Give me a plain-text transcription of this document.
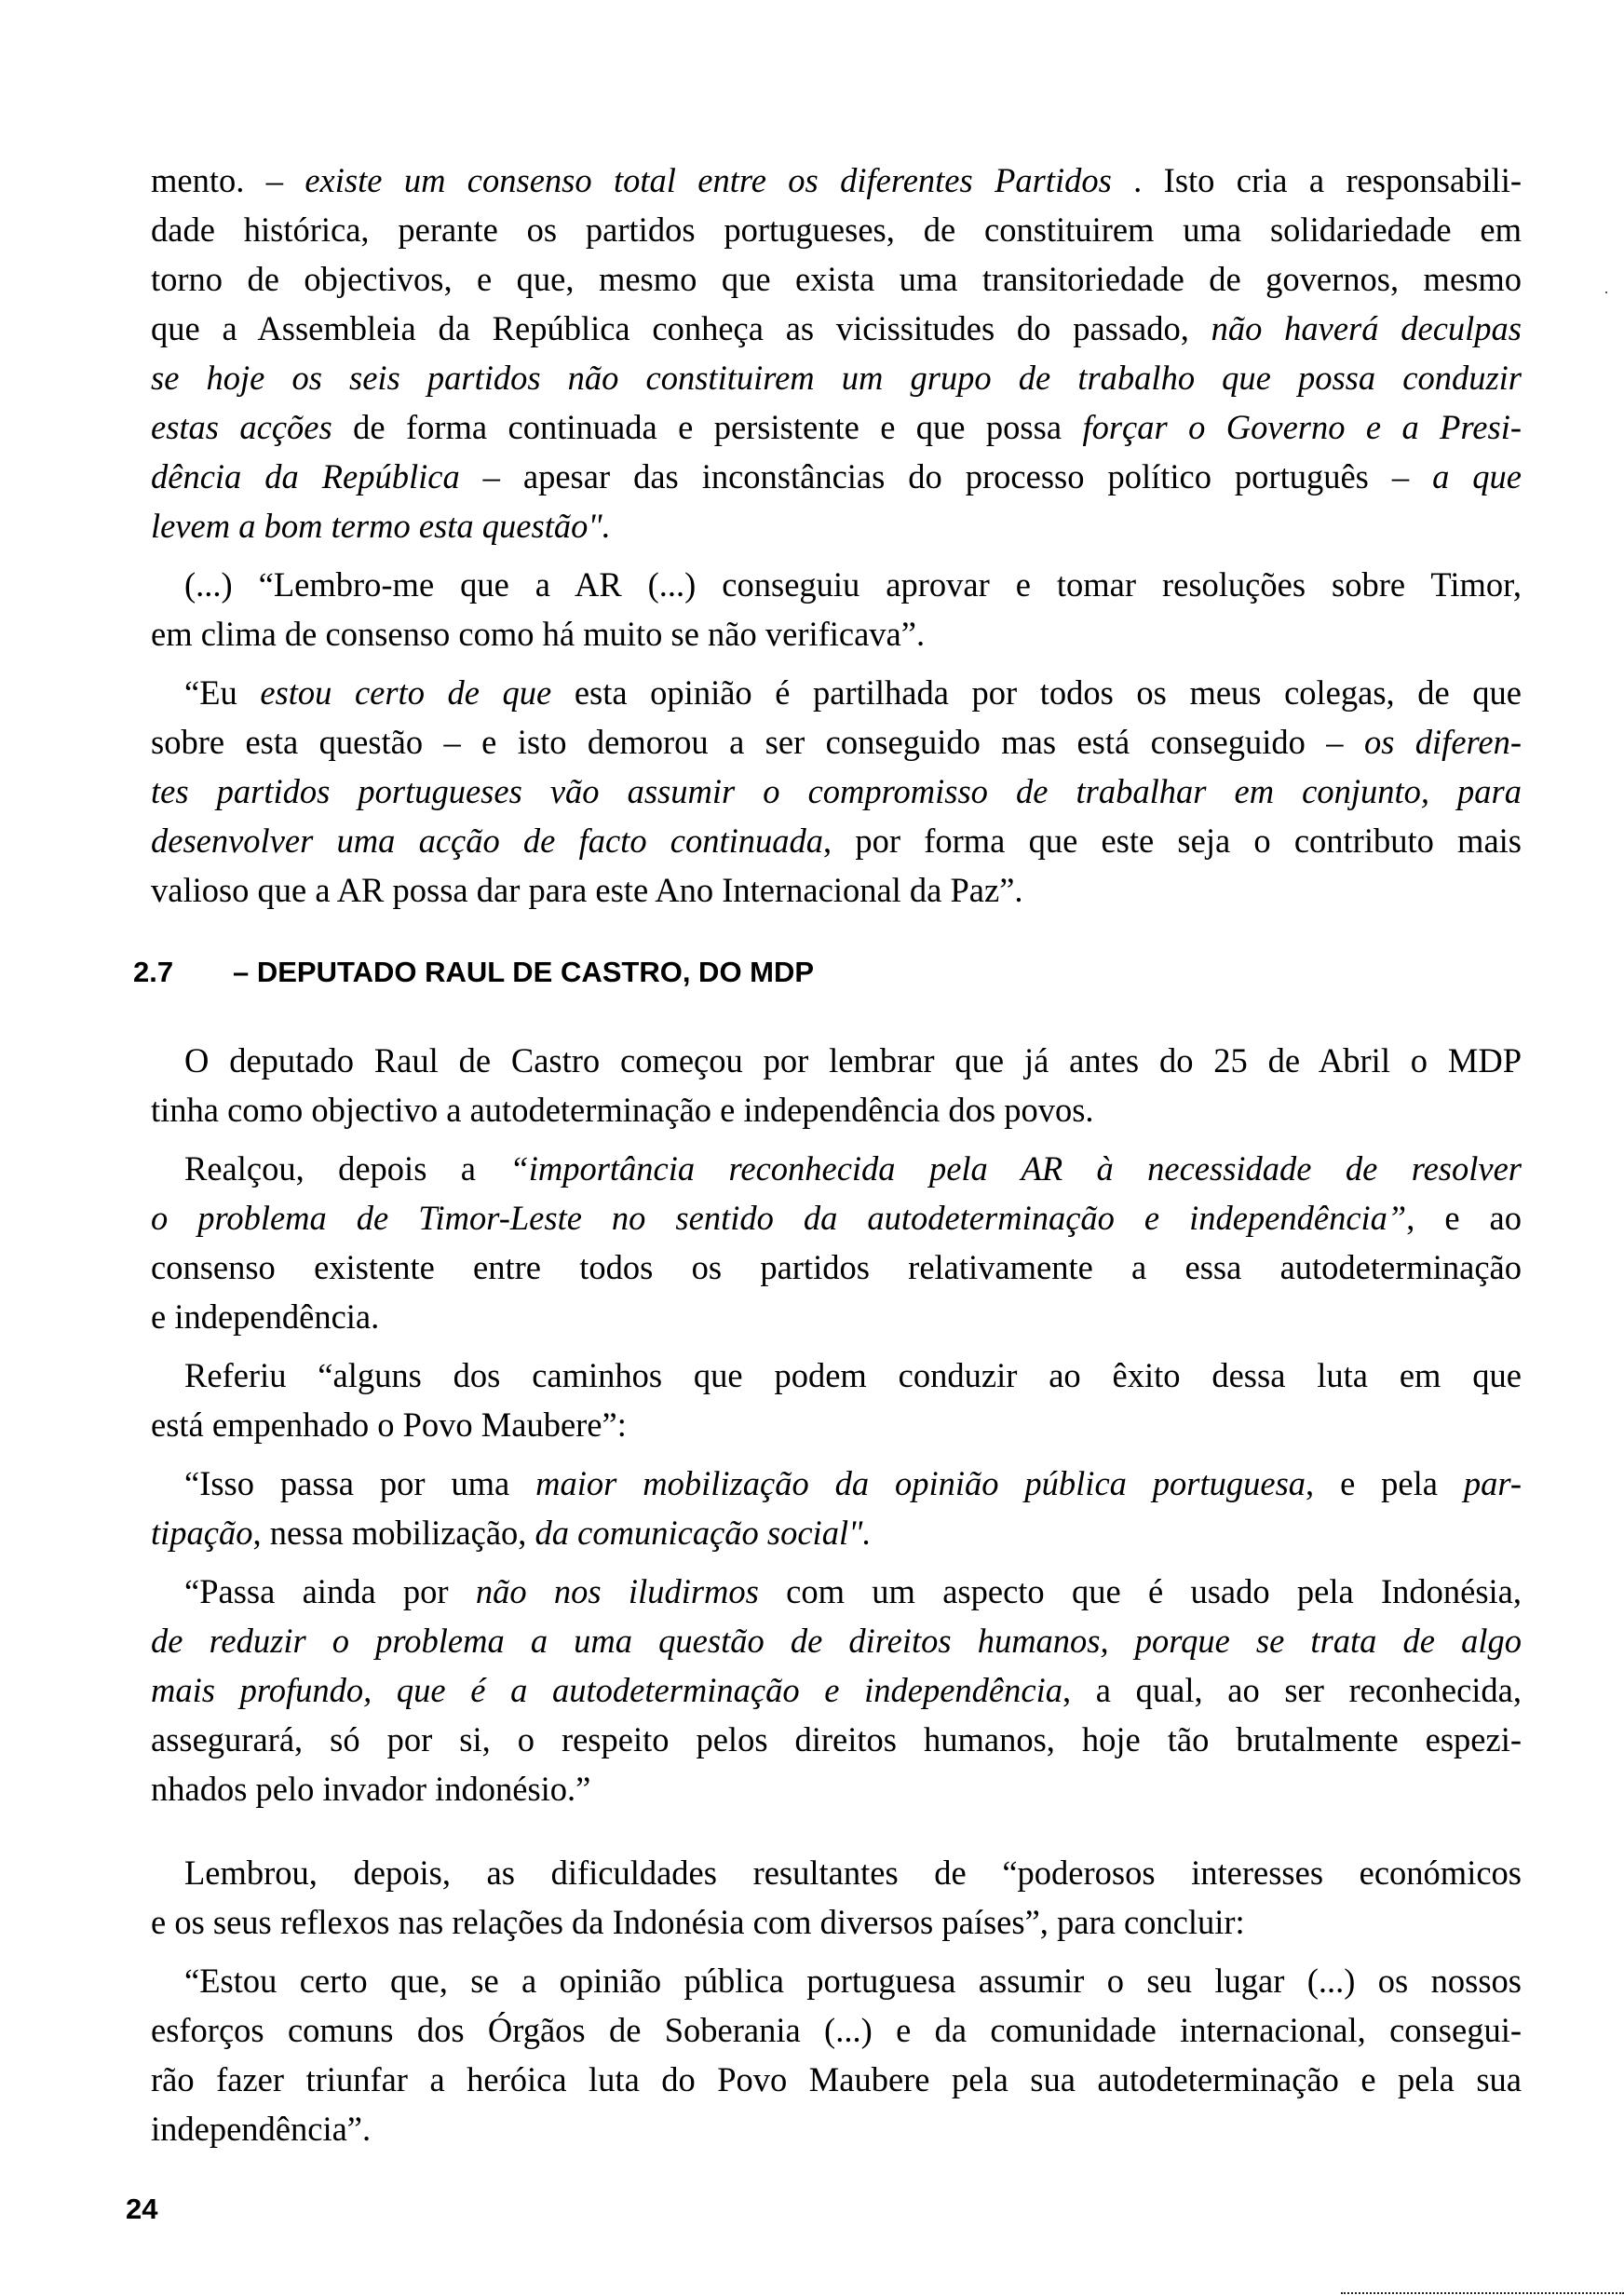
mento. – existe um consenso total entre os diferentes Partidos . Isto cria a responsabili-
dade histórica, perante os partidos portugueses, de constituirem uma solidariedade em
torno de objectivos, e que, mesmo que exista uma transitoriedade de governos, mesmo
que a Assembleia da República conheça as vicissitudes do passado, não haverá deculpas
se hoje os seis partidos não constituirem um grupo de trabalho que possa conduzir
estas acções de forma continuada e persistente e que possa forçar o Governo e a Presi-
dência da República – apesar das inconstâncias do processo político português – a que
levem a bom termo esta questão".
(...) “Lembro-me que a AR (...) conseguiu aprovar e tomar resoluções sobre Timor,
em clima de consenso como há muito se não verificava”.
“Eu estou certo de que esta opinião é partilhada por todos os meus colegas, de que
sobre esta questão – e isto demorou a ser conseguido mas está conseguido – os diferen-
tes partidos portugueses vão assumir o compromisso de trabalhar em conjunto, para
desenvolver uma acção de facto continuada, por forma que este seja o contributo mais
valioso que a AR possa dar para este Ano Internacional da Paz”.
O deputado Raul de Castro começou por lembrar que já antes do 25 de Abril o MDP
tinha como objectivo a autodeterminação e independência dos povos.
Realçou, depois a “importância reconhecida pela AR à necessidade de resolver
o problema de Timor-Leste no sentido da autodeterminação e independência”, e ao
consenso existente entre todos os partidos relativamente a essa autodeterminação
e independência.
Referiu “alguns dos caminhos que podem conduzir ao êxito dessa luta em que
está empenhado o Povo Maubere”:
“Isso passa por uma maior mobilização da opinião pública portuguesa, e pela par-
tipação, nessa mobilização, da comunicação social".
“Passa ainda por não nos iludirmos com um aspecto que é usado pela Indonésia,
de reduzir o problema a uma questão de direitos humanos, porque se trata de algo
mais profundo, que é a autodeterminação e independência, a qual, ao ser reconhecida,
assegurará, só por si, o respeito pelos direitos humanos, hoje tão brutalmente espezi-
nhados pelo invador indonésio.”
Lembrou, depois, as dificuldades resultantes de “poderosos interesses económicos
e os seus reflexos nas relações da Indonésia com diversos países”, para concluir:
“Estou certo que, se a opinião pública portuguesa assumir o seu lugar (...) os nossos
esforços comuns dos Órgãos de Soberania (...) e da comunidade internacional, consegui-
rão fazer triunfar a heróica luta do Povo Maubere pela sua autodeterminação e pela sua
independência”.
2.7 – DEPUTADO RAUL DE CASTRO, DO MDP
24
